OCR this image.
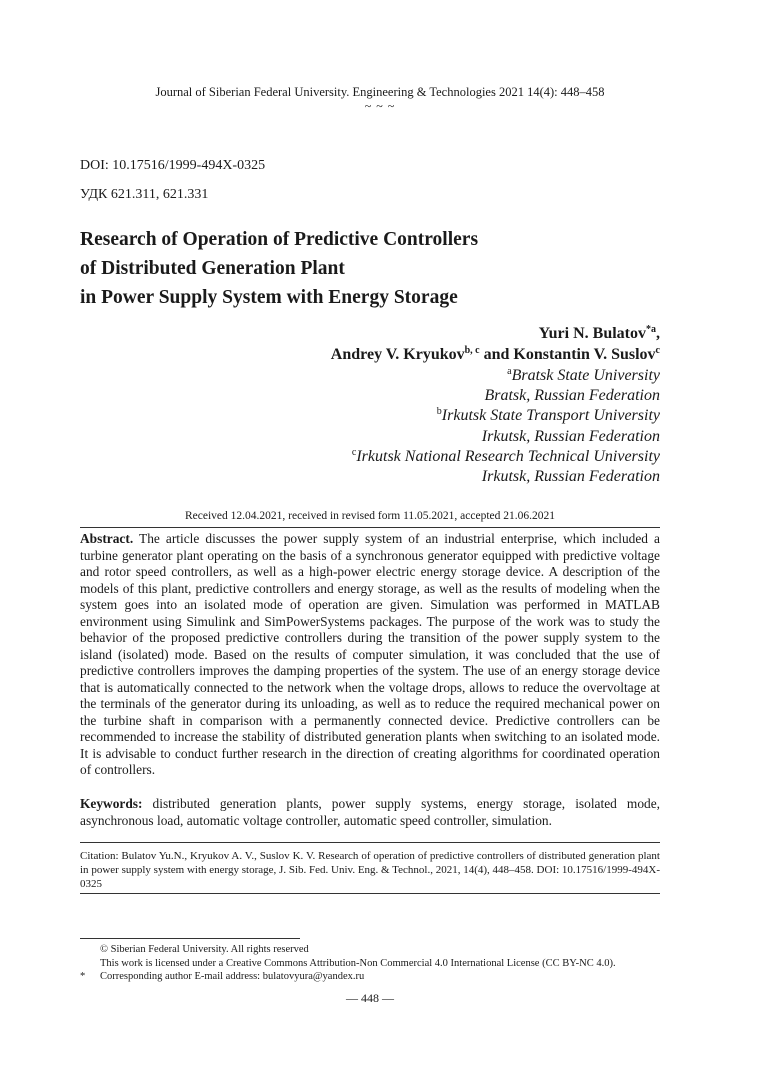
Journal of Siberian Federal University. Engineering & Technologies 2021 14(4): 448–458
~ ~ ~
DOI: 10.17516/1999-494X-0325
УДК 621.311, 621.331
Research of Operation of Predictive Controllers
of Distributed Generation Plant
in Power Supply System with Energy Storage
Yuri N. Bulatov$^{*a}$,
Andrey V. Kryukov$^{b, c}$ and Konstantin V. Suslov$^c$
$^a$Bratsk State University
Bratsk, Russian Federation
$^b$Irkutsk State Transport University
Irkutsk, Russian Federation
$^c$Irkutsk National Research Technical University
Irkutsk, Russian Federation
Received 12.04.2021, received in revised form 11.05.2021, accepted 21.06.2021
Abstract. The article discusses the power supply system of an industrial enterprise, which included a turbine generator plant operating on the basis of a synchronous generator equipped with predictive voltage and rotor speed controllers, as well as a high-power electric energy storage device. A description of the models of this plant, predictive controllers and energy storage, as well as the results of modeling when the system goes into an isolated mode of operation are given. Simulation was performed in MATLAB environment using Simulink and SimPowerSystems packages. The purpose of the work was to study the behavior of the proposed predictive controllers during the transition of the power supply system to the island (isolated) mode. Based on the results of computer simulation, it was concluded that the use of predictive controllers improves the damping properties of the system. The use of an energy storage device that is automatically connected to the network when the voltage drops, allows to reduce the overvoltage at the terminals of the generator during its unloading, as well as to reduce the required mechanical power on the turbine shaft in comparison with a permanently connected device. Predictive controllers can be recommended to increase the stability of distributed generation plants when switching to an isolated mode. It is advisable to conduct further research in the direction of creating algorithms for coordinated operation of controllers.
Keywords: distributed generation plants, power supply systems, energy storage, isolated mode, asynchronous load, automatic voltage controller, automatic speed controller, simulation.
Citation: Bulatov Yu.N., Kryukov A. V., Suslov K. V. Research of operation of predictive controllers of distributed generation plant in power supply system with energy storage, J. Sib. Fed. Univ. Eng. & Technol., 2021, 14(4), 448–458. DOI: 10.17516/1999-494X-0325
© Siberian Federal University. All rights reserved
This work is licensed under a Creative Commons Attribution-Non Commercial 4.0 International License (CC BY-NC 4.0).
* Corresponding author E-mail address: bulatovyura@yandex.ru
— 448 —
